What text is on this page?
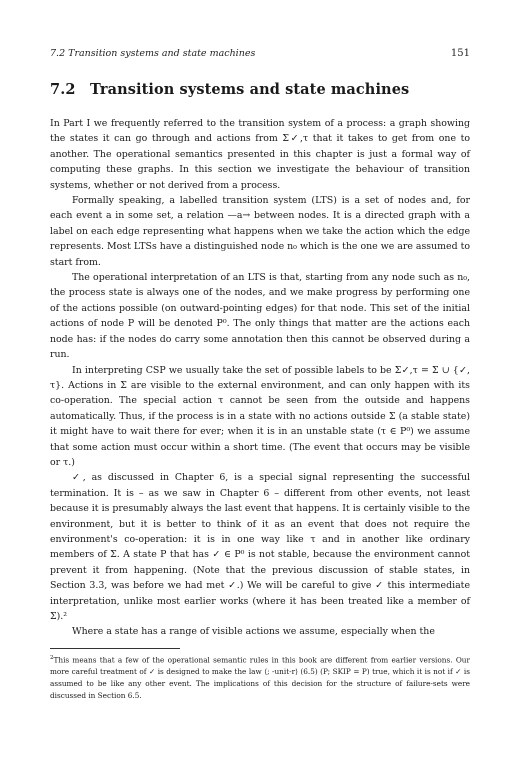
7.2 Transition systems and state machines	151
7.2 Transition systems and state machines

In Part I we frequently referred to the transition system of a process: a graph showing the states it can go through and actions from Σ✓,τ that it takes to get from one to another. The operational semantics presented in this chapter is just a formal way of computing these graphs. In this section we investigate the behaviour of transition systems, whether or not derived from a process.

Formally speaking, a labelled transition system (LTS) is a set of nodes and, for each event a in some set, a relation —a→ between nodes. It is a directed graph with a label on each edge representing what happens when we take the action which the edge represents. Most LTSs have a distinguished node n₀ which is the one we are assumed to start from.

The operational interpretation of an LTS is that, starting from any node such as n₀, the process state is always one of the nodes, and we make progress by performing one of the actions possible (on outward-pointing edges) for that node. This set of the initial actions of node P will be denoted P⁰. The only things that matter are the actions each node has: if the nodes do carry some annotation then this cannot be observed during a run.

In interpreting CSP we usually take the set of possible labels to be Σ✓,τ = Σ ∪ {✓, τ}. Actions in Σ are visible to the external environment, and can only happen with its co-operation. The special action τ cannot be seen from the outside and happens automatically. Thus, if the process is in a state with no actions outside Σ (a stable state) it might have to wait there for ever; when it is in an unstable state (τ ∈ P⁰) we assume that some action must occur within a short time. (The event that occurs may be visible or τ.)

✓, as discussed in Chapter 6, is a special signal representing the successful termination. It is – as we saw in Chapter 6 – different from other events, not least because it is presumably always the last event that happens. It is certainly visible to the environment, but it is better to think of it as an event that does not require the environment's co-operation: it is in one way like τ and in another like ordinary members of Σ. A state P that has ✓ ∈ P⁰ is not stable, because the environment cannot prevent it from happening. (Note that the previous discussion of stable states, in Section 3.3, was before we had met ✓.) We will be careful to give ✓ this intermediate interpretation, unlike most earlier works (where it has been treated like a member of Σ).²

Where a state has a range of visible actions we assume, especially when the

$^2$This means that a few of the operational semantic rules in this book are different from earlier versions. Our more careful treatment of ✓ is designed to make the law ⟨; -unit-r⟩ (6.5) (P; SKIP = P) true, which it is not if ✓ is assumed to be like any other event. The implications of this decision for the structure of failure-sets were discussed in Section 6.5.
